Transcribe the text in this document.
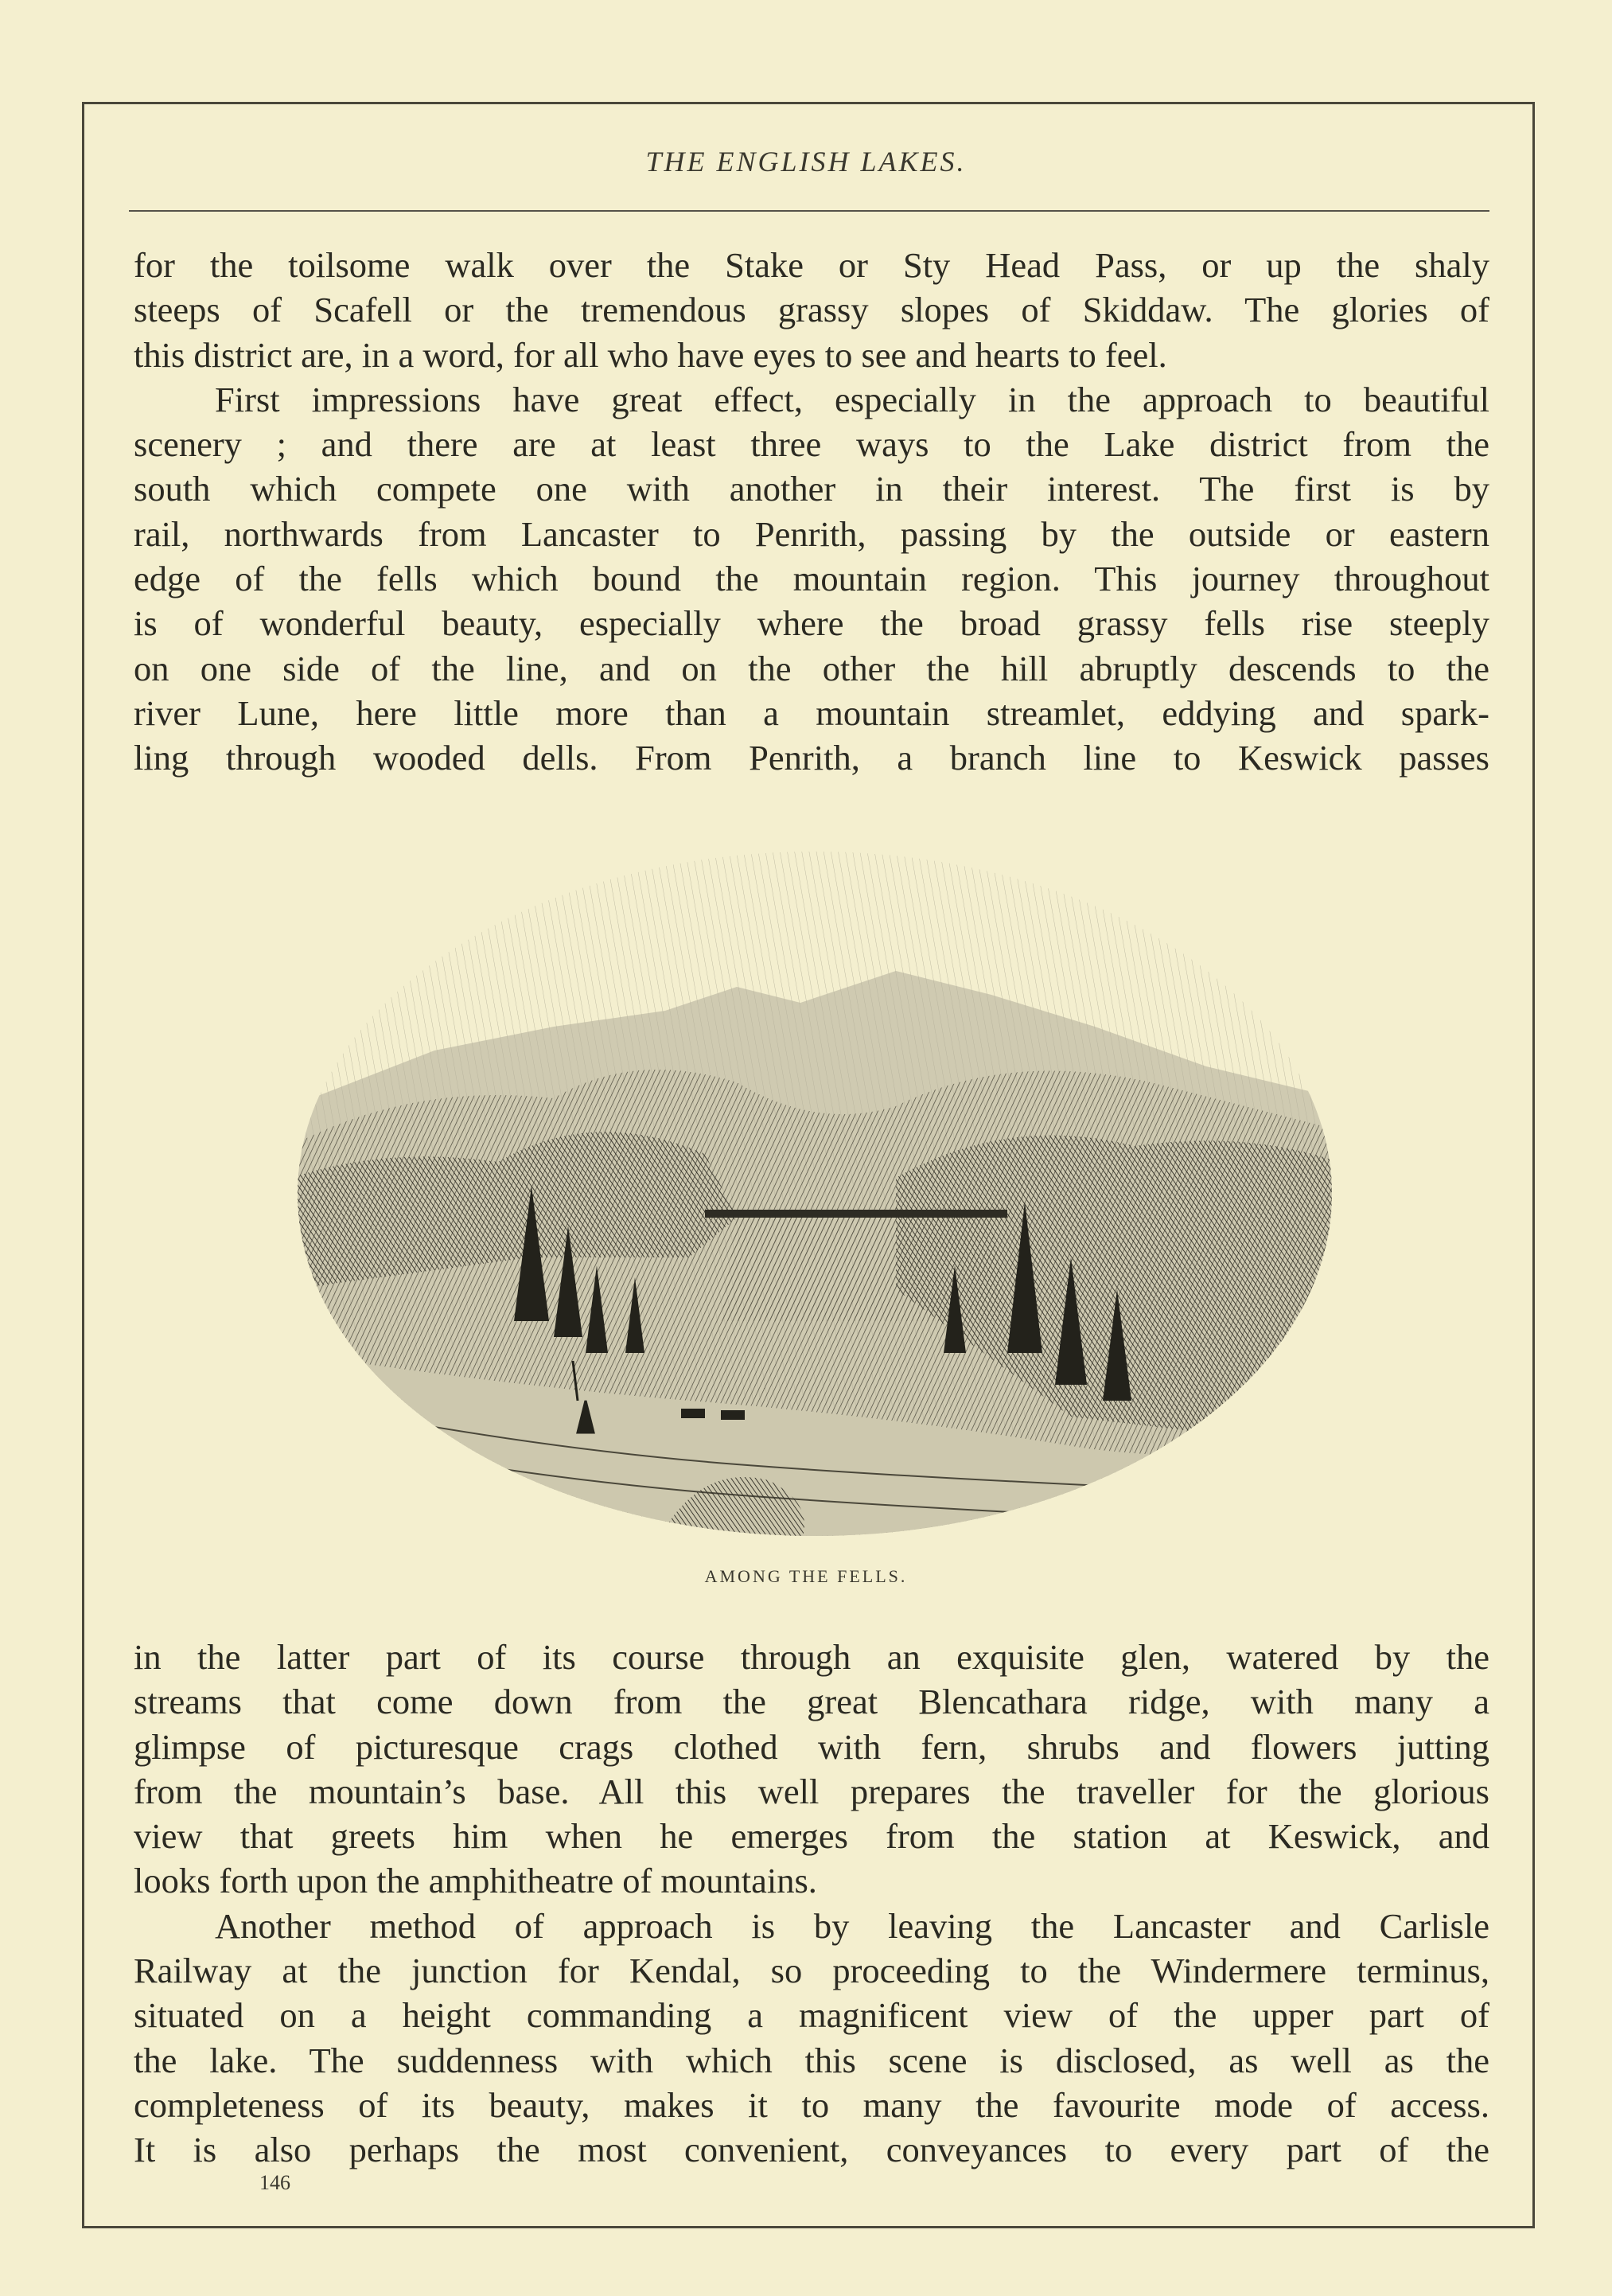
THE ENGLISH LAKES.
for the toilsome walk over the Stake or Sty Head Pass, or up the shaly
steeps of Scafell or the tremendous grassy slopes of Skiddaw. The glories of
this district are, in a word, for all who have eyes to see and hearts to feel.
First impressions have great effect, especially in the approach to beautiful
scenery ; and there are at least three ways to the Lake district from the
south which compete one with another in their interest. The first is by
rail, northwards from Lancaster to Penrith, passing by the outside or eastern
edge of the fells which bound the mountain region. This journey throughout
is of wonderful beauty, especially where the broad grassy fells rise steeply
on one side of the line, and on the other the hill abruptly descends to the
river Lune, here little more than a mountain streamlet, eddying and spark-
ling through wooded dells. From Penrith, a branch line to Keswick passes
AMONG THE FELLS.
in the latter part of its course through an exquisite glen, watered by the
streams that come down from the great Blencathara ridge, with many a
glimpse of picturesque crags clothed with fern, shrubs and flowers jutting
from the mountain’s base. All this well prepares the traveller for the glorious
view that greets him when he emerges from the station at Keswick, and
looks forth upon the amphitheatre of mountains.
Another method of approach is by leaving the Lancaster and Carlisle
Railway at the junction for Kendal, so proceeding to the Windermere terminus,
situated on a height commanding a magnificent view of the upper part of
the lake. The suddenness with which this scene is disclosed, as well as the
completeness of its beauty, makes it to many the favourite mode of access.
It is also perhaps the most convenient, conveyances to every part of the
146
